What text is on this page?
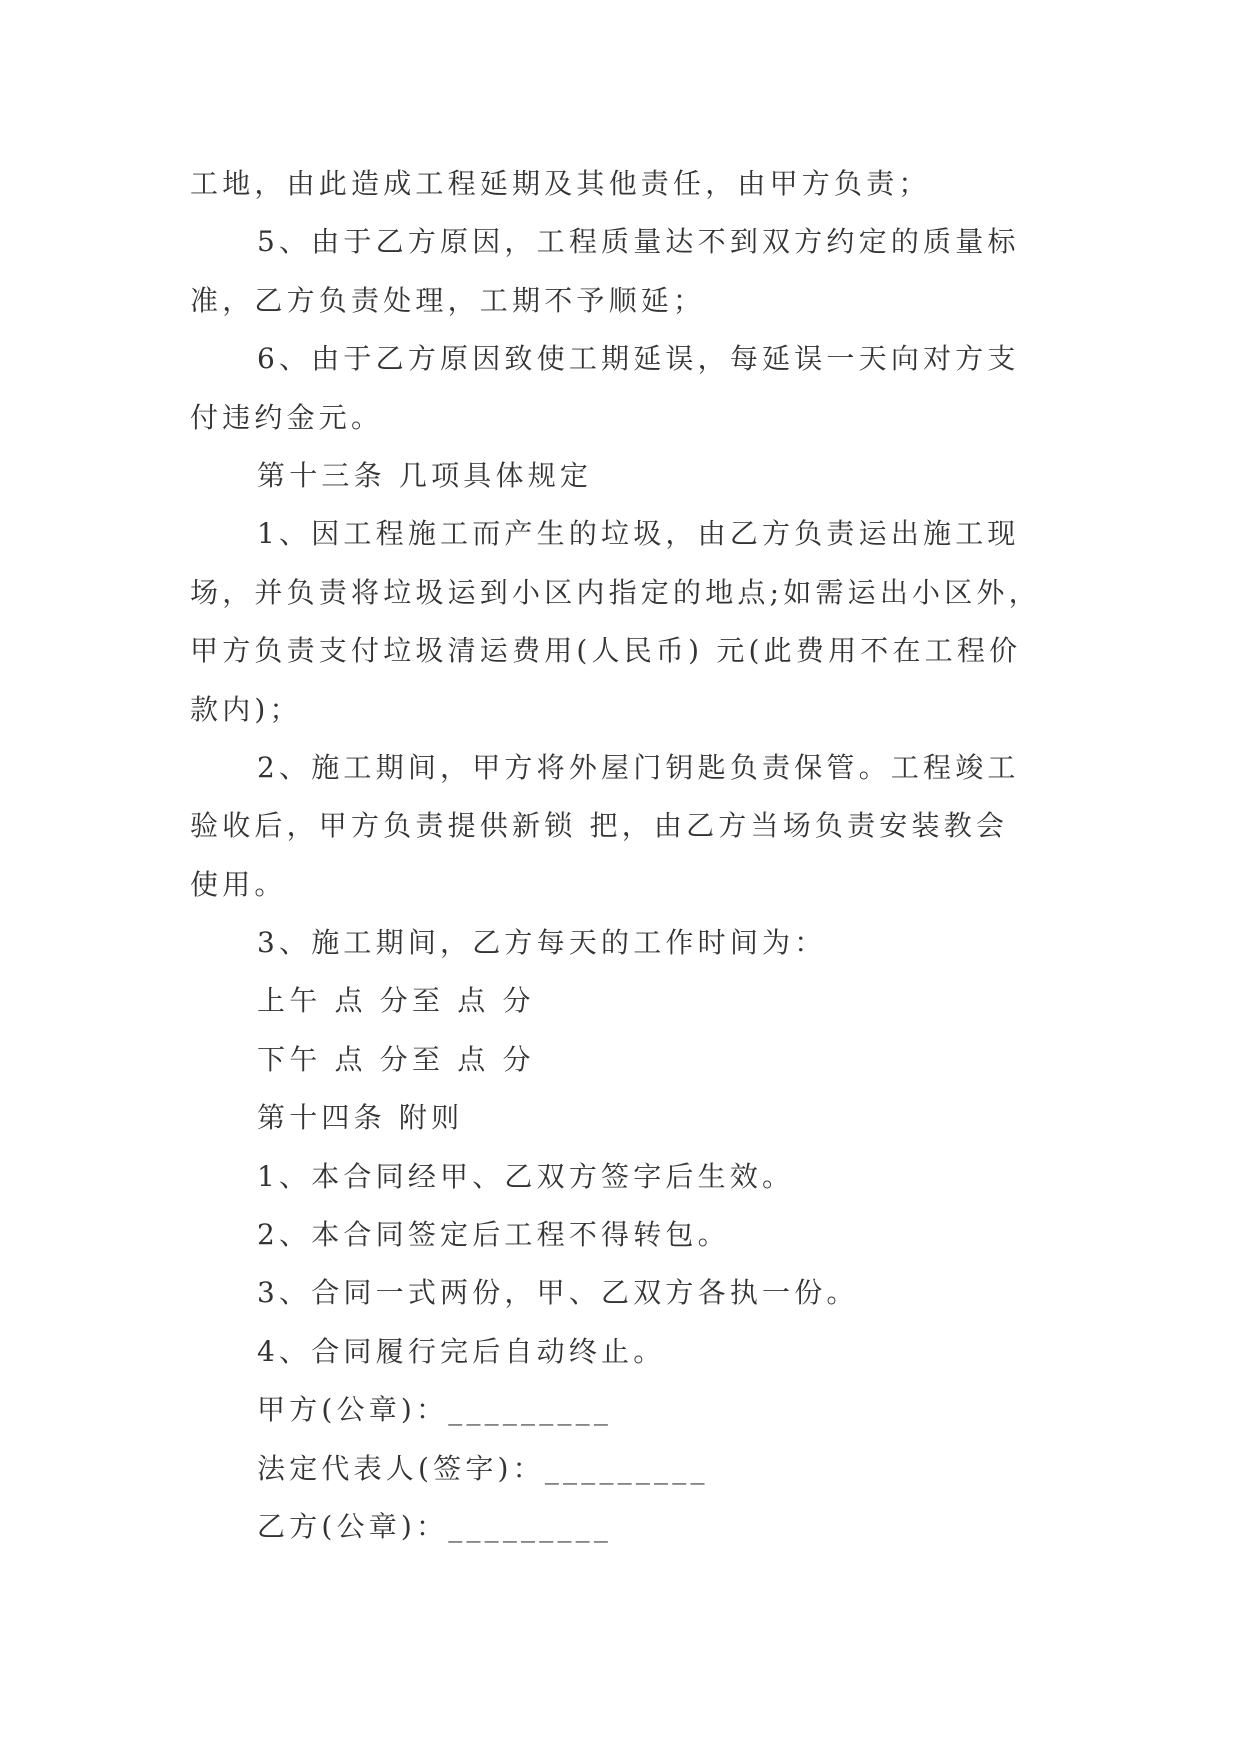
工地，由此造成工程延期及其他责任，由甲方负责；
5、由于乙方原因，工程质量达不到双方约定的质量标
准，乙方负责处理，工期不予顺延；
6、由于乙方原因致使工期延误，每延误一天向对方支
付违约金元。
第十三条 几项具体规定
1、因工程施工而产生的垃圾，由乙方负责运出施工现
场，并负责将垃圾运到小区内指定的地点;如需运出小区外，
甲方负责支付垃圾清运费用(人民币) 元(此费用不在工程价
款内)；
2、施工期间，甲方将外屋门钥匙负责保管。工程竣工
验收后，甲方负责提供新锁 把，由乙方当场负责安装教会
使用。
3、施工期间，乙方每天的工作时间为：
上午 点 分至 点 分
下午 点 分至 点 分
第十四条 附则
1、本合同经甲、乙双方签字后生效。
2、本合同签定后工程不得转包。
3、合同一式两份，甲、乙双方各执一份。
4、合同履行完后自动终止。
甲方(公章)：_________
法定代表人(签字)：_________
乙方(公章)：_________
